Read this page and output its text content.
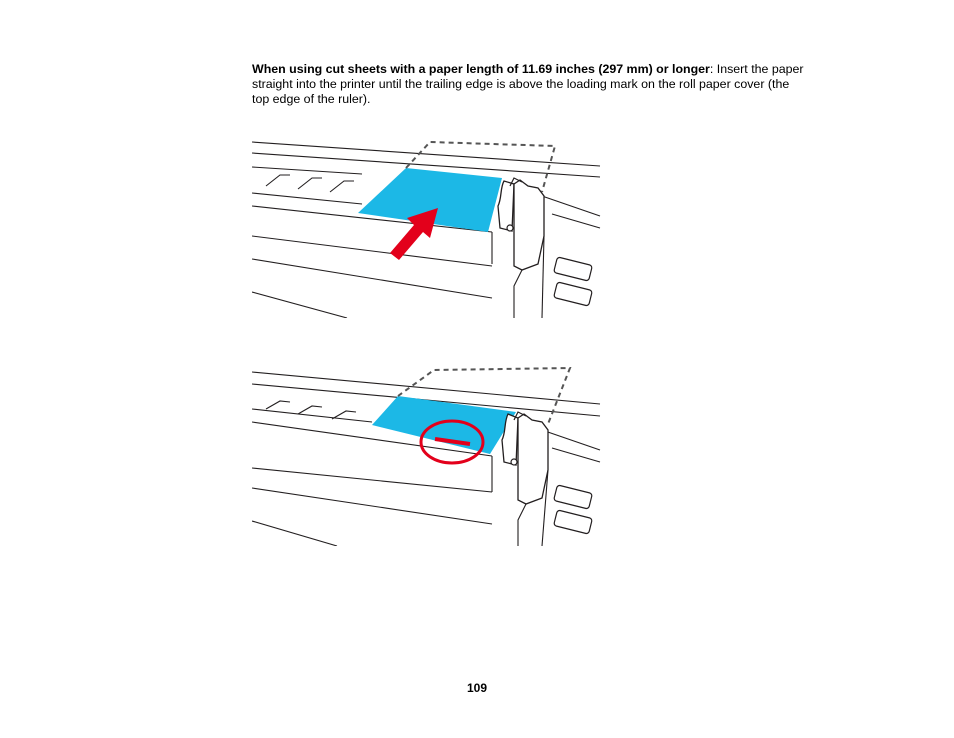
When using cut sheets with a paper length of 11.69 inches (297 mm) or longer: Insert the paper straight into the printer until the trailing edge is above the loading mark on the roll paper cover (the top edge of the ruler).

109
